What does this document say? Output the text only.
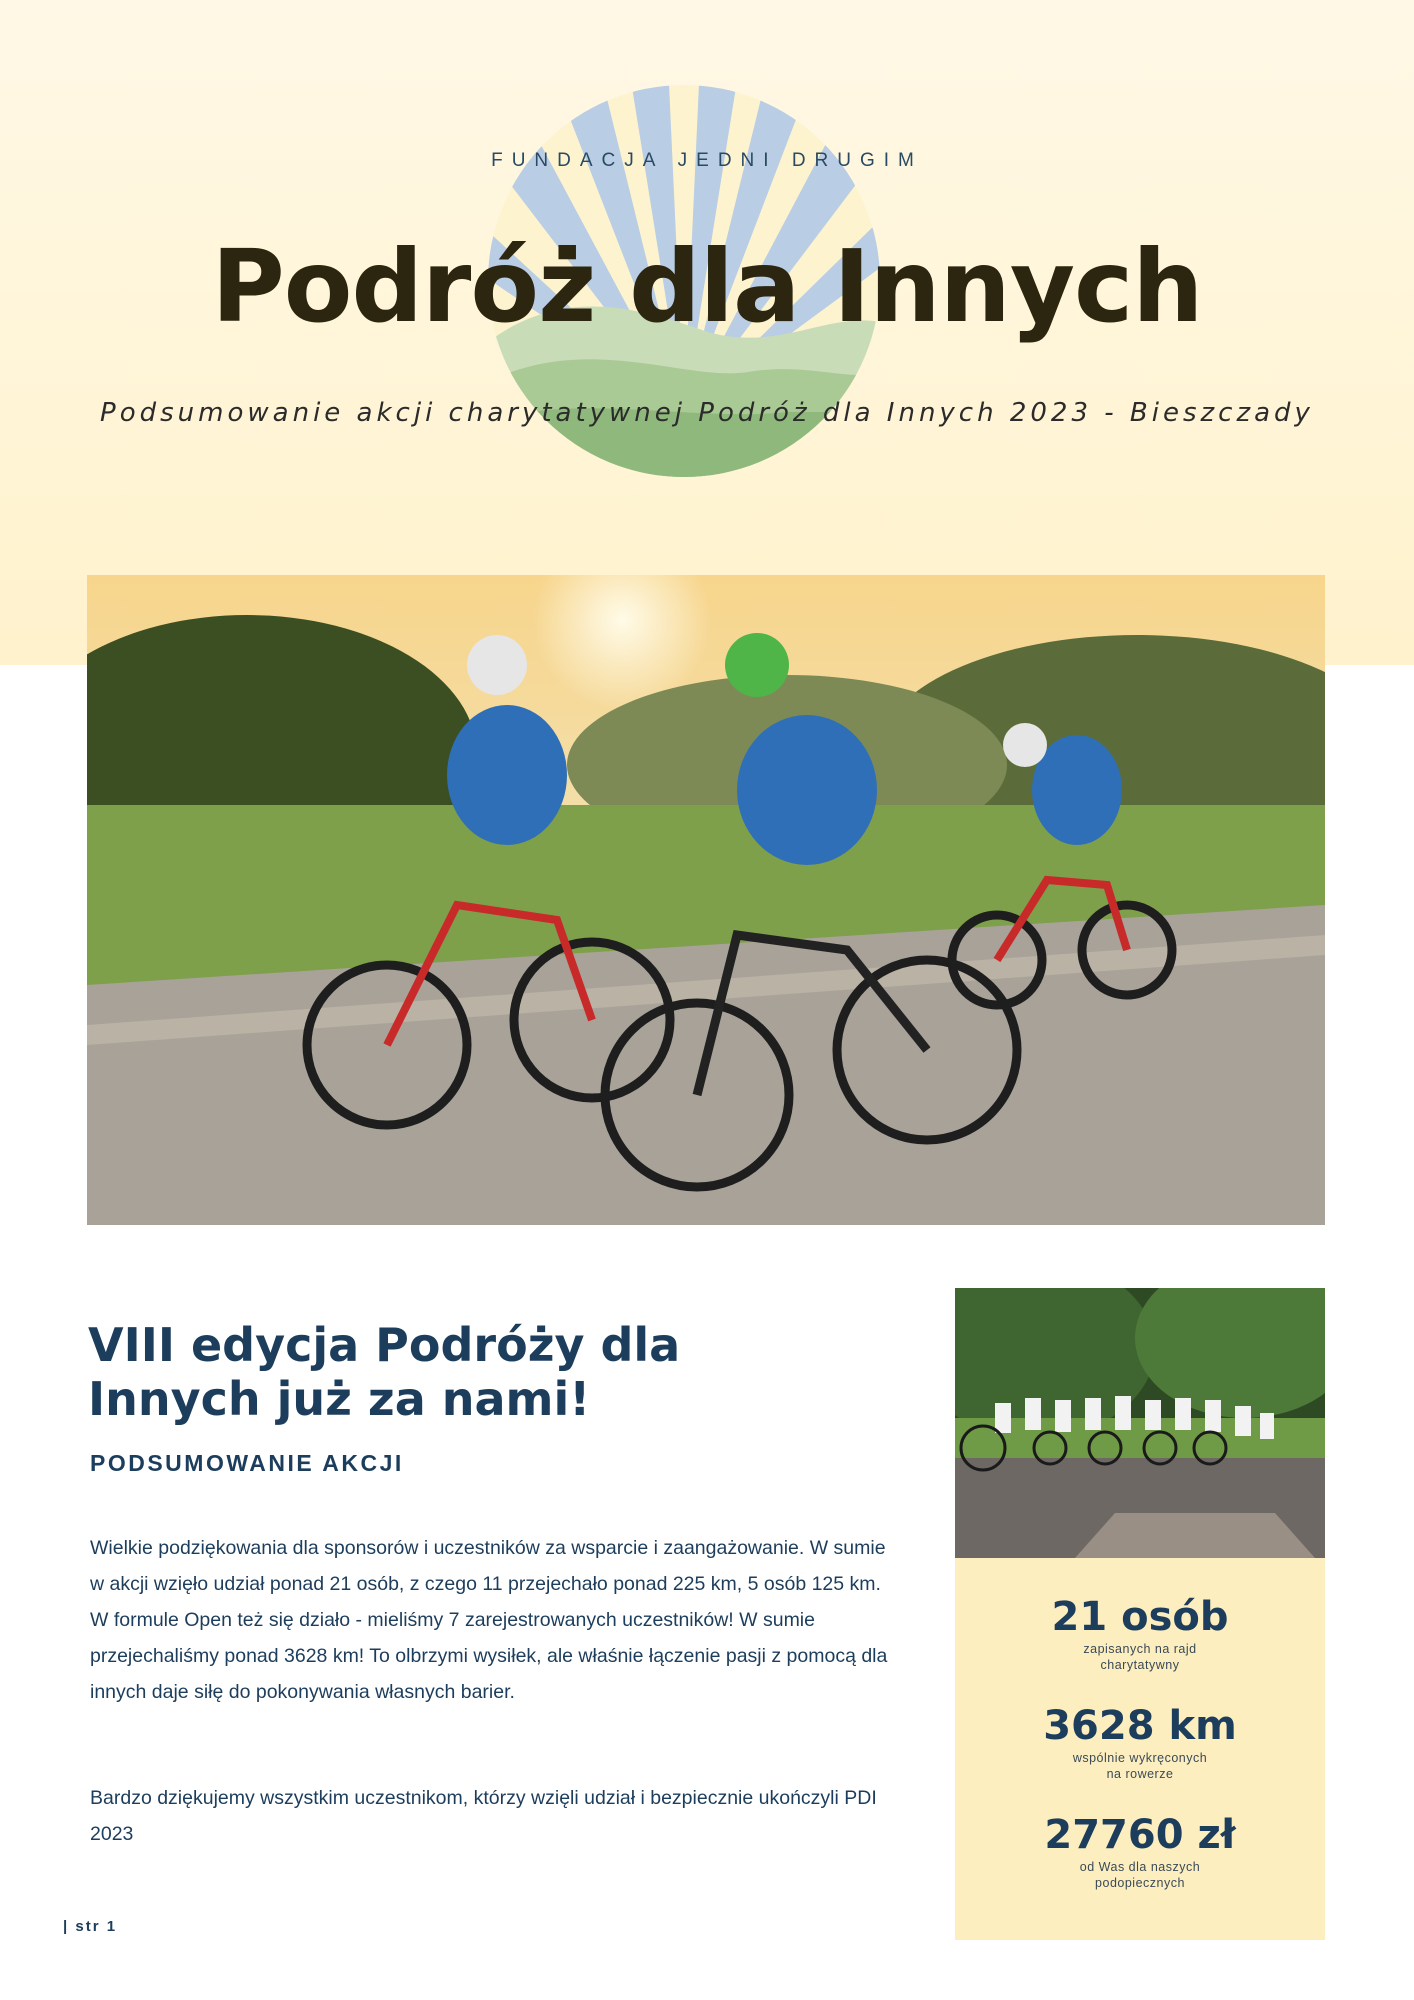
FUNDACJA JEDNI DRUGIM
Podróż dla Innych
Podsumowanie akcji charytatywnej Podróż dla Innych 2023 - Bieszczady
VIII edycja Podróży dla Innych już za nami!
PODSUMOWANIE AKCJI

Wielkie podziękowania dla sponsorów i uczestników za wsparcie i zaangażowanie. W sumie w akcji wzięło udział ponad 21 osób, z czego 11 przejechało ponad 225 km, 5 osób 125 km. W formule Open też się działo - mieliśmy 7 zarejestrowanych uczestników! W sumie przejechaliśmy ponad 3628 km! To olbrzymi wysiłek, ale właśnie łączenie pasji z pomocą dla innych daje siłę do pokonywania własnych barier.

Bardzo dziękujemy wszystkim uczestnikom, którzy wzięli udział i bezpiecznie ukończyli PDI 2023

21 osób
zapisanych na rajd
charytatywny
3628 km
wspólnie wykręconych
na rowerze
27760 zł
od Was dla naszych
podopiecznych
| str 1
